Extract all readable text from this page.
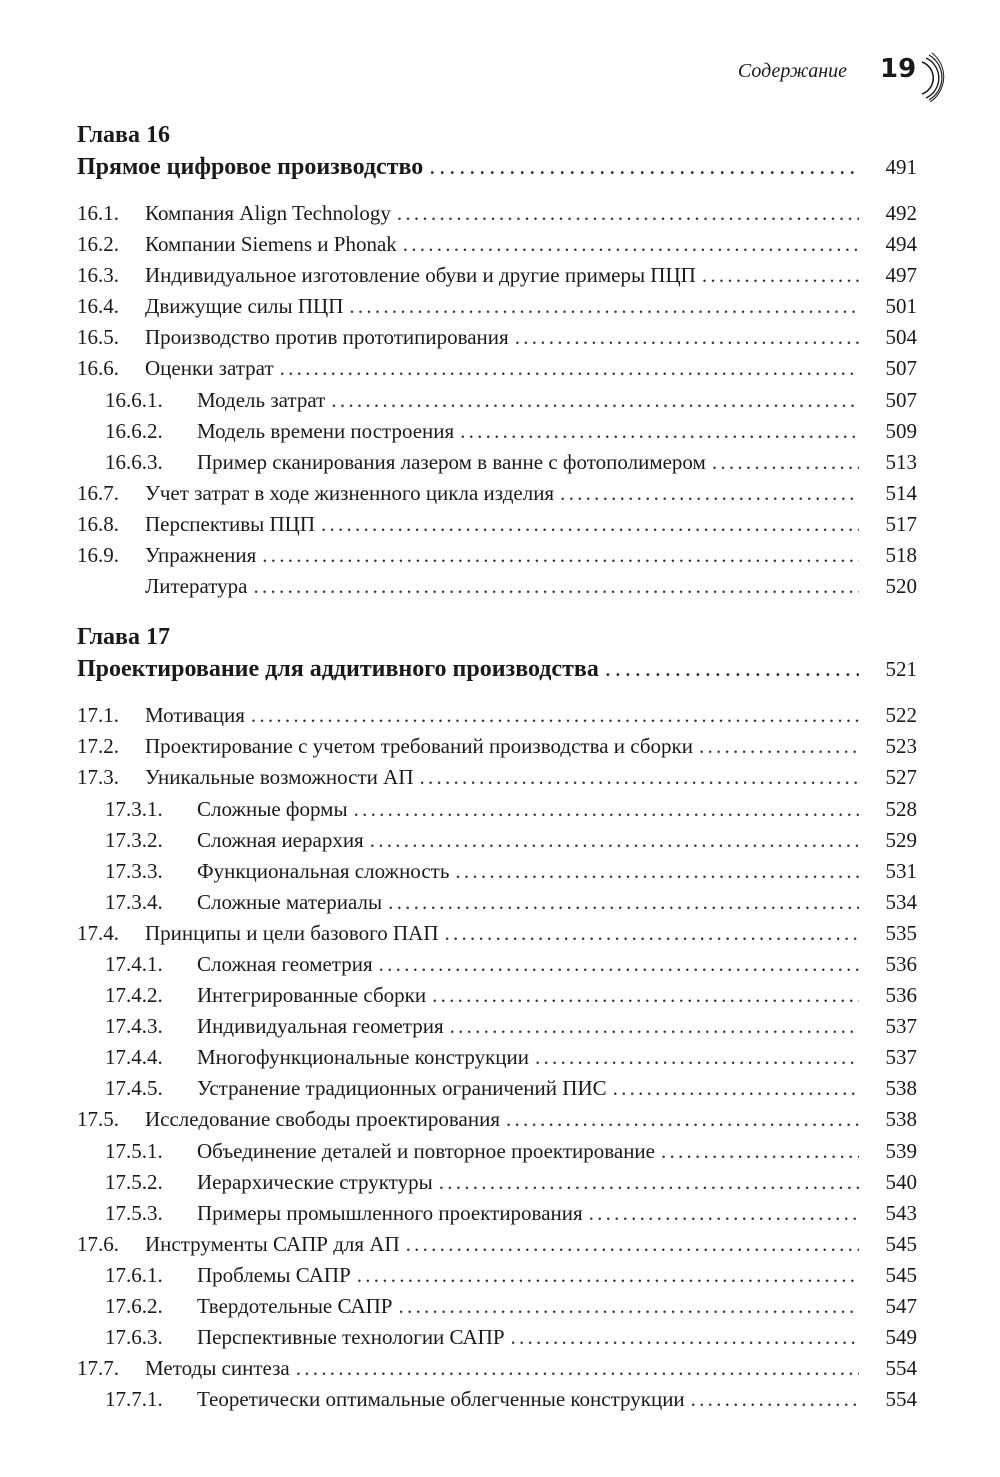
Содержание 19
Глава 16
Прямое цифровое производство . . .	491
16.1.	Компания Align Technology . . .	492
16.2.	Компании Siemens и Phonak . . .	494
16.3.	Индивидуальное изготовление обуви и другие примеры ПЦП . . .	497
16.4.	Движущие силы ПЦП . . .	501
16.5.	Производство против прототипирования . . .	504
16.6.	Оценки затрат . . .	507
16.6.1.	Модель затрат . . .	507
16.6.2.	Модель времени построения . . .	509
16.6.3.	Пример сканирования лазером в ванне с фотополимером . . .	513
16.7.	Учет затрат в ходе жизненного цикла изделия . . .	514
16.8.	Перспективы ПЦП . . .	517
16.9.	Упражнения . . .	518
Литература . . .	520
Глава 17
Проектирование для аддитивного производства . . .	521
17.1.	Мотивация . . .	522
17.2.	Проектирование с учетом требований производства и сборки . . .	523
17.3.	Уникальные возможности АП . . .	527
17.3.1.	Сложные формы . . .	528
17.3.2.	Сложная иерархия . . .	529
17.3.3.	Функциональная сложность . . .	531
17.3.4.	Сложные материалы . . .	534
17.4.	Принципы и цели базового ПАП . . .	535
17.4.1.	Сложная геометрия . . .	536
17.4.2.	Интегрированные сборки . . .	536
17.4.3.	Индивидуальная геометрия . . .	537
17.4.4.	Многофункциональные конструкции . . .	537
17.4.5.	Устранение традиционных ограничений ПИС . . .	538
17.5.	Исследование свободы проектирования . . .	538
17.5.1.	Объединение деталей и повторное проектирование . . .	539
17.5.2.	Иерархические структуры . . .	540
17.5.3.	Примеры промышленного проектирования . . .	543
17.6.	Инструменты САПР для АП . . .	545
17.6.1.	Проблемы САПР . . .	545
17.6.2.	Твердотельные САПР . . .	547
17.6.3.	Перспективные технологии САПР . . .	549
17.7.	Методы синтеза . . .	554
17.7.1.	Теоретически оптимальные облегченные конструкции . . .	554
